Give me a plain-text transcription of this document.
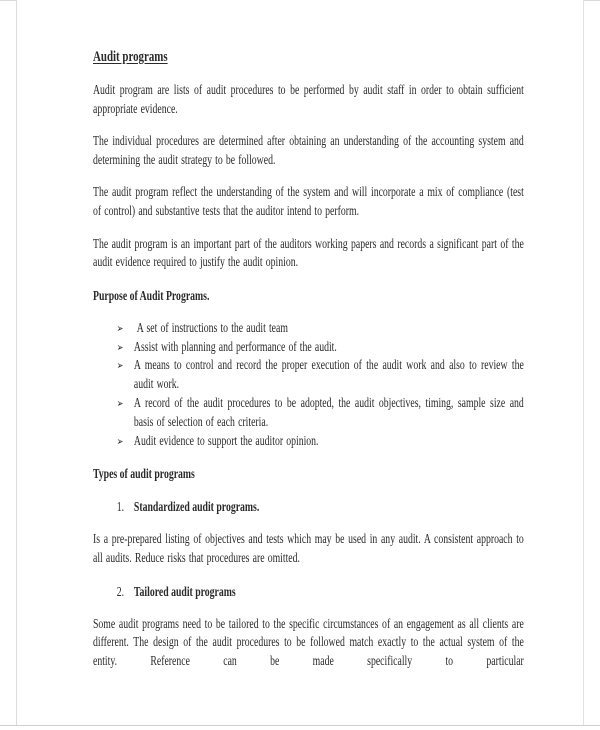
Audit programs

Audit program are lists of audit procedures to be performed by audit staff in order to obtain sufficient appropriate evidence.

The individual procedures are determined after obtaining an understanding of the accounting system and determining the audit strategy to be followed.

The audit program reflect the understanding of the system and will incorporate a mix of compliance (test of control) and substantive tests that the auditor intend to perform.

The audit program is an important part of the auditors working papers and records a significant part of the audit evidence required to justify the audit opinion.

Purpose of Audit Programs.
➢ A set of instructions to the audit team
➢ Assist with planning and performance of the audit.
➢ A means to control and record the proper execution of the audit work and also to review the audit work.
➢ A record of the audit procedures to be adopted, the audit objectives, timing, sample size and basis of selection of each criteria.
➢ Audit evidence to support the auditor opinion.
Types of audit programs
1. Standardized audit programs.

Is a pre-prepared listing of objectives and tests which may be used in any audit. A consistent approach to all audits. Reduce risks that procedures are omitted.

2. Tailored audit programs

Some audit programs need to be tailored to the specific circumstances of an engagement as all clients are different. The design of the audit procedures to be followed match exactly to the actual system of the entity. Reference can be made specifically to particular
